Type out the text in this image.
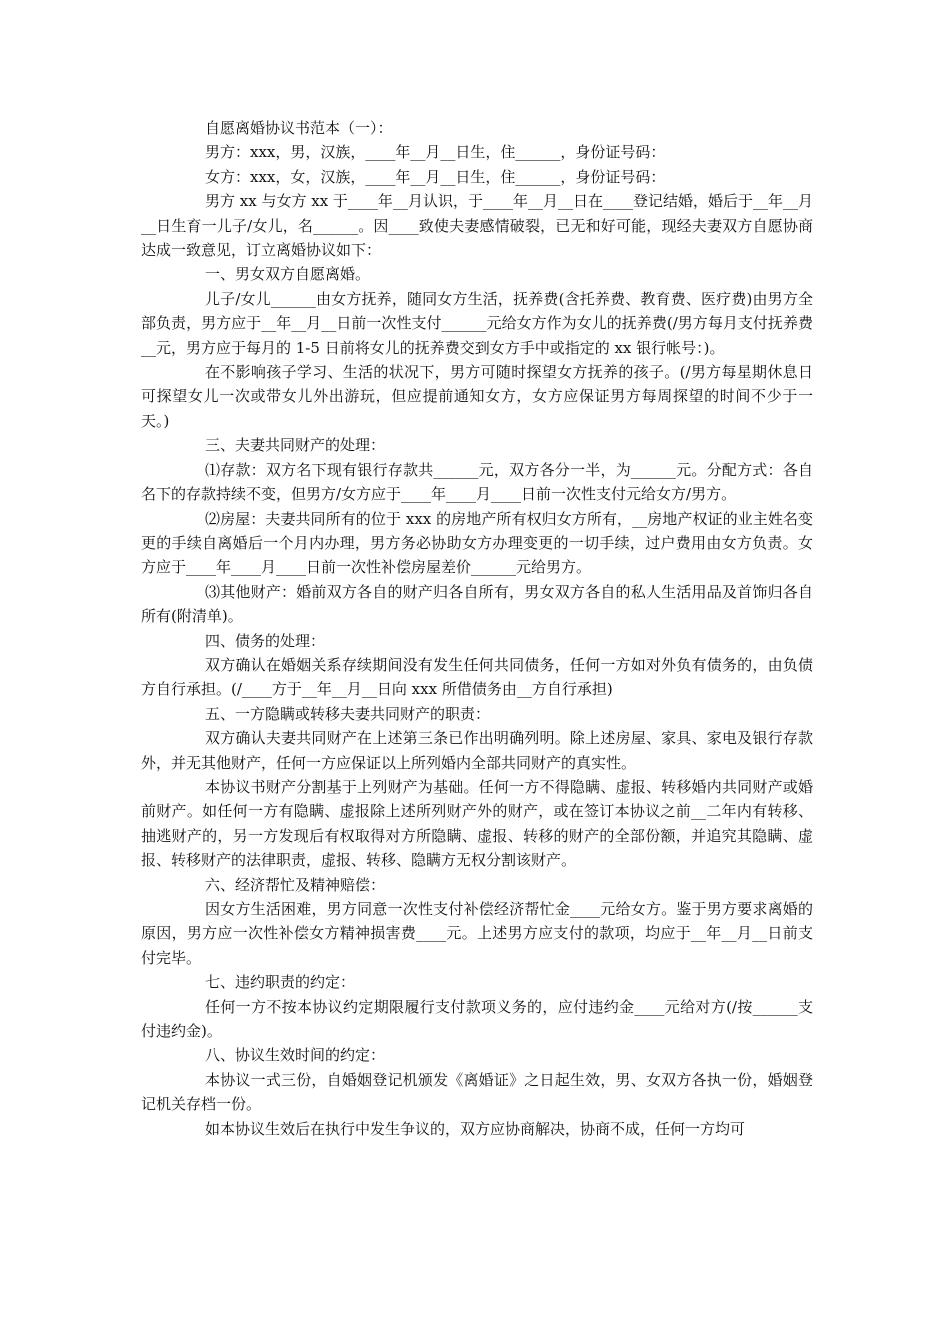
自愿离婚协议书范本（一）：

男方：xxx，男，汉族，____年__月__日生，住______，身份证号码：

女方：xxx，女，汉族，____年__月__日生，住______，身份证号码：

男方 xx 与女方 xx 于____年__月认识，于____年__月__日在____登记结婚，婚后于__年__月__日生育一儿子/女儿，名______。因____致使夫妻感情破裂，已无和好可能，现经夫妻双方自愿协商达成一致意见，订立离婚协议如下：

一、男女双方自愿离婚。

儿子/女儿______由女方抚养，随同女方生活，抚养费(含托养费、教育费、医疗费)由男方全部负责，男方应于__年__月__日前一次性支付______元给女方作为女儿的抚养费(/男方每月支付抚养费__元，男方应于每月的 1-5 日前将女儿的抚养费交到女方手中或指定的 xx 银行帐号：)。

在不影响孩子学习、生活的状况下，男方可随时探望女方抚养的孩子。(/男方每星期休息日可探望女儿一次或带女儿外出游玩，但应提前通知女方，女方应保证男方每周探望的时间不少于一天。)

三、夫妻共同财产的处理：

⑴存款：双方名下现有银行存款共______元，双方各分一半，为______元。分配方式：各自名下的存款持续不变，但男方/女方应于____年____月____日前一次性支付元给女方/男方。

⑵房屋：夫妻共同所有的位于 xxx 的房地产所有权归女方所有，__房地产权证的业主姓名变更的手续自离婚后一个月内办理，男方务必协助女方办理变更的一切手续，过户费用由女方负责。女方应于____年____月____日前一次性补偿房屋差价______元给男方。

⑶其他财产：婚前双方各自的财产归各自所有，男女双方各自的私人生活用品及首饰归各自所有(附清单)。

四、债务的处理：

双方确认在婚姻关系存续期间没有发生任何共同债务，任何一方如对外负有债务的，由负债方自行承担。(/____方于__年__月__日向 xxx 所借债务由__方自行承担)

五、一方隐瞒或转移夫妻共同财产的职责：

双方确认夫妻共同财产在上述第三条已作出明确列明。除上述房屋、家具、家电及银行存款外，并无其他财产，任何一方应保证以上所列婚内全部共同财产的真实性。

本协议书财产分割基于上列财产为基础。任何一方不得隐瞒、虚报、转移婚内共同财产或婚前财产。如任何一方有隐瞒、虚报除上述所列财产外的财产，或在签订本协议之前__二年内有转移、抽逃财产的，另一方发现后有权取得对方所隐瞒、虚报、转移的财产的全部份额，并追究其隐瞒、虚报、转移财产的法律职责，虚报、转移、隐瞒方无权分割该财产。

六、经济帮忙及精神赔偿：

因女方生活困难，男方同意一次性支付补偿经济帮忙金____元给女方。鉴于男方要求离婚的原因，男方应一次性补偿女方精神损害费____元。上述男方应支付的款项，均应于__年__月__日前支付完毕。

七、违约职责的约定：

任何一方不按本协议约定期限履行支付款项义务的，应付违约金____元给对方(/按______支付违约金)。

八、协议生效时间的约定：

本协议一式三份，自婚姻登记机颁发《离婚证》之日起生效，男、女双方各执一份，婚姻登记机关存档一份。

如本协议生效后在执行中发生争议的，双方应协商解决，协商不成，任何一方均可
